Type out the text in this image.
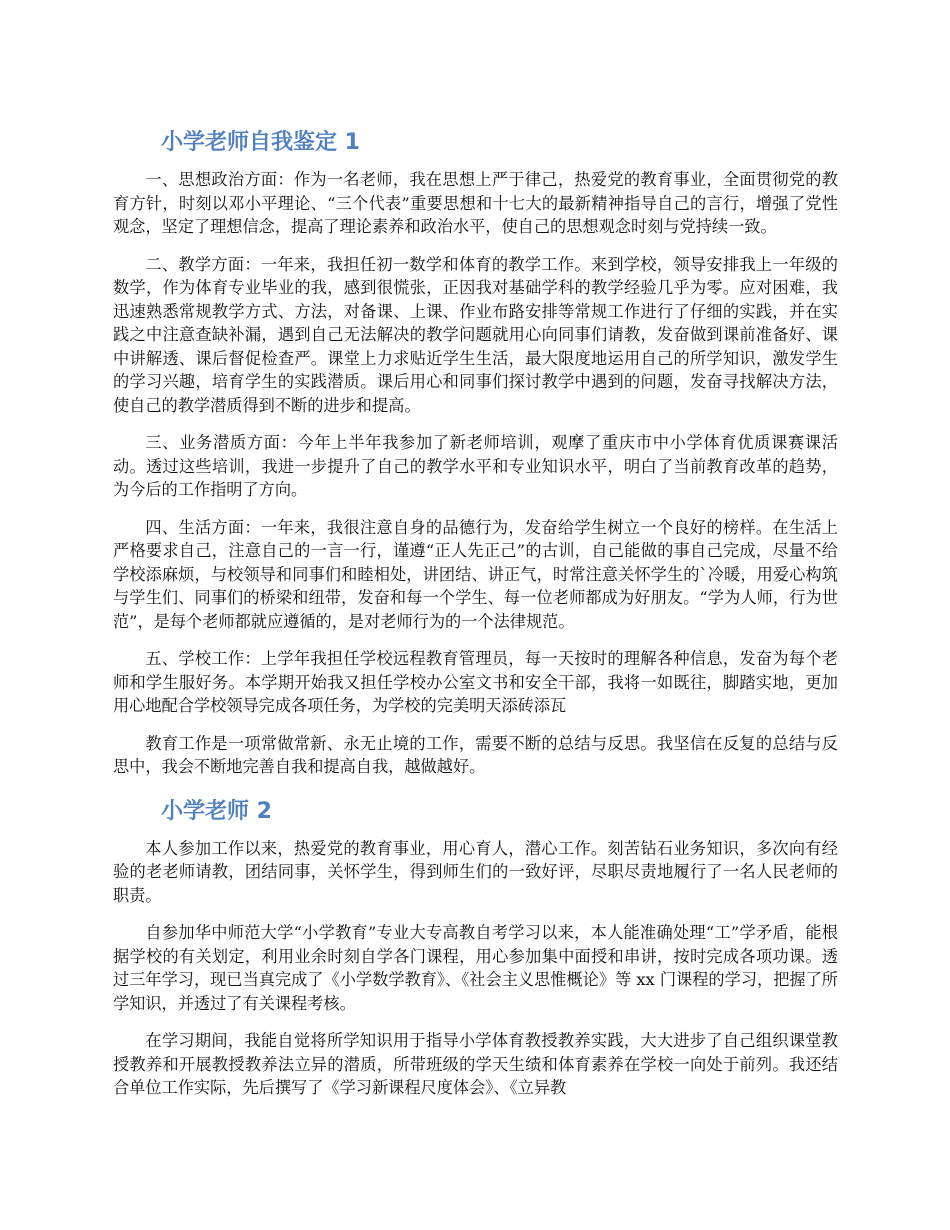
小学老师自我鉴定 1

一、思想政治方面：作为一名老师，我在思想上严于律己，热爱党的教育事业，全面贯彻党的教育方针，时刻以邓小平理论、“三个代表”重要思想和十七大的最新精神指导自己的言行，增强了党性观念，坚定了理想信念，提高了理论素养和政治水平，使自己的思想观念时刻与党持续一致。

二、教学方面：一年来，我担任初一数学和体育的教学工作。来到学校，领导安排我上一年级的数学，作为体育专业毕业的我，感到很慌张，正因我对基础学科的教学经验几乎为零。应对困难，我迅速熟悉常规教学方式、方法，对备课、上课、作业布路安排等常规工作进行了仔细的实践，并在实践之中注意查缺补漏，遇到自己无法解决的教学问题就用心向同事们请教，发奋做到课前准备好、课中讲解透、课后督促检查严。课堂上力求贴近学生生活，最大限度地运用自己的所学知识，激发学生的学习兴趣，培育学生的实践潜质。课后用心和同事们探讨教学中遇到的问题，发奋寻找解决方法，使自己的教学潜质得到不断的进步和提高。

三、业务潜质方面：今年上半年我参加了新老师培训，观摩了重庆市中小学体育优质课赛课活动。透过这些培训，我进一步提升了自己的教学水平和专业知识水平，明白了当前教育改革的趋势，为今后的工作指明了方向。

四、生活方面：一年来，我很注意自身的品德行为，发奋给学生树立一个良好的榜样。在生活上严格要求自己，注意自己的一言一行，谨遵“正人先正己”的古训，自己能做的事自己完成，尽量不给学校添麻烦，与校领导和同事们和睦相处，讲团结、讲正气，时常注意关怀学生的`冷暖，用爱心构筑与学生们、同事们的桥梁和纽带，发奋和每一个学生、每一位老师都成为好朋友。“学为人师，行为世范”，是每个老师都就应遵循的，是对老师行为的一个法律规范。

五、学校工作：上学年我担任学校远程教育管理员，每一天按时的理解各种信息，发奋为每个老师和学生服好务。本学期开始我又担任学校办公室文书和安全干部，我将一如既往，脚踏实地，更加用心地配合学校领导完成各项任务，为学校的完美明天添砖添瓦

教育工作是一项常做常新、永无止境的工作，需要不断的总结与反思。我坚信在反复的总结与反思中，我会不断地完善自我和提高自我，越做越好。

小学老师 2

本人参加工作以来，热爱党的教育事业，用心育人，潜心工作。刻苦钻石业务知识，多次向有经验的老老师请教，团结同事，关怀学生，得到师生们的一致好评，尽职尽责地履行了一名人民老师的职责。

自参加华中师范大学“小学教育”专业大专高教自考学习以来，本人能准确处理“工”学矛盾，能根据学校的有关划定，利用业余时刻自学各门课程，用心参加集中面授和串讲，按时完成各项功课。透过三年学习，现已当真完成了《小学数学教育》、《社会主义思惟概论》等 xx 门课程的学习，把握了所学知识，并透过了有关课程考核。

在学习期间，我能自觉将所学知识用于指导小学体育教授教养实践，大大进步了自己组织课堂教授教养和开展教授教养法立异的潜质，所带班级的学天生绩和体育素养在学校一向处于前列。我还结合单位工作实际，先后撰写了《学习新课程尺度体会》、《立异教
